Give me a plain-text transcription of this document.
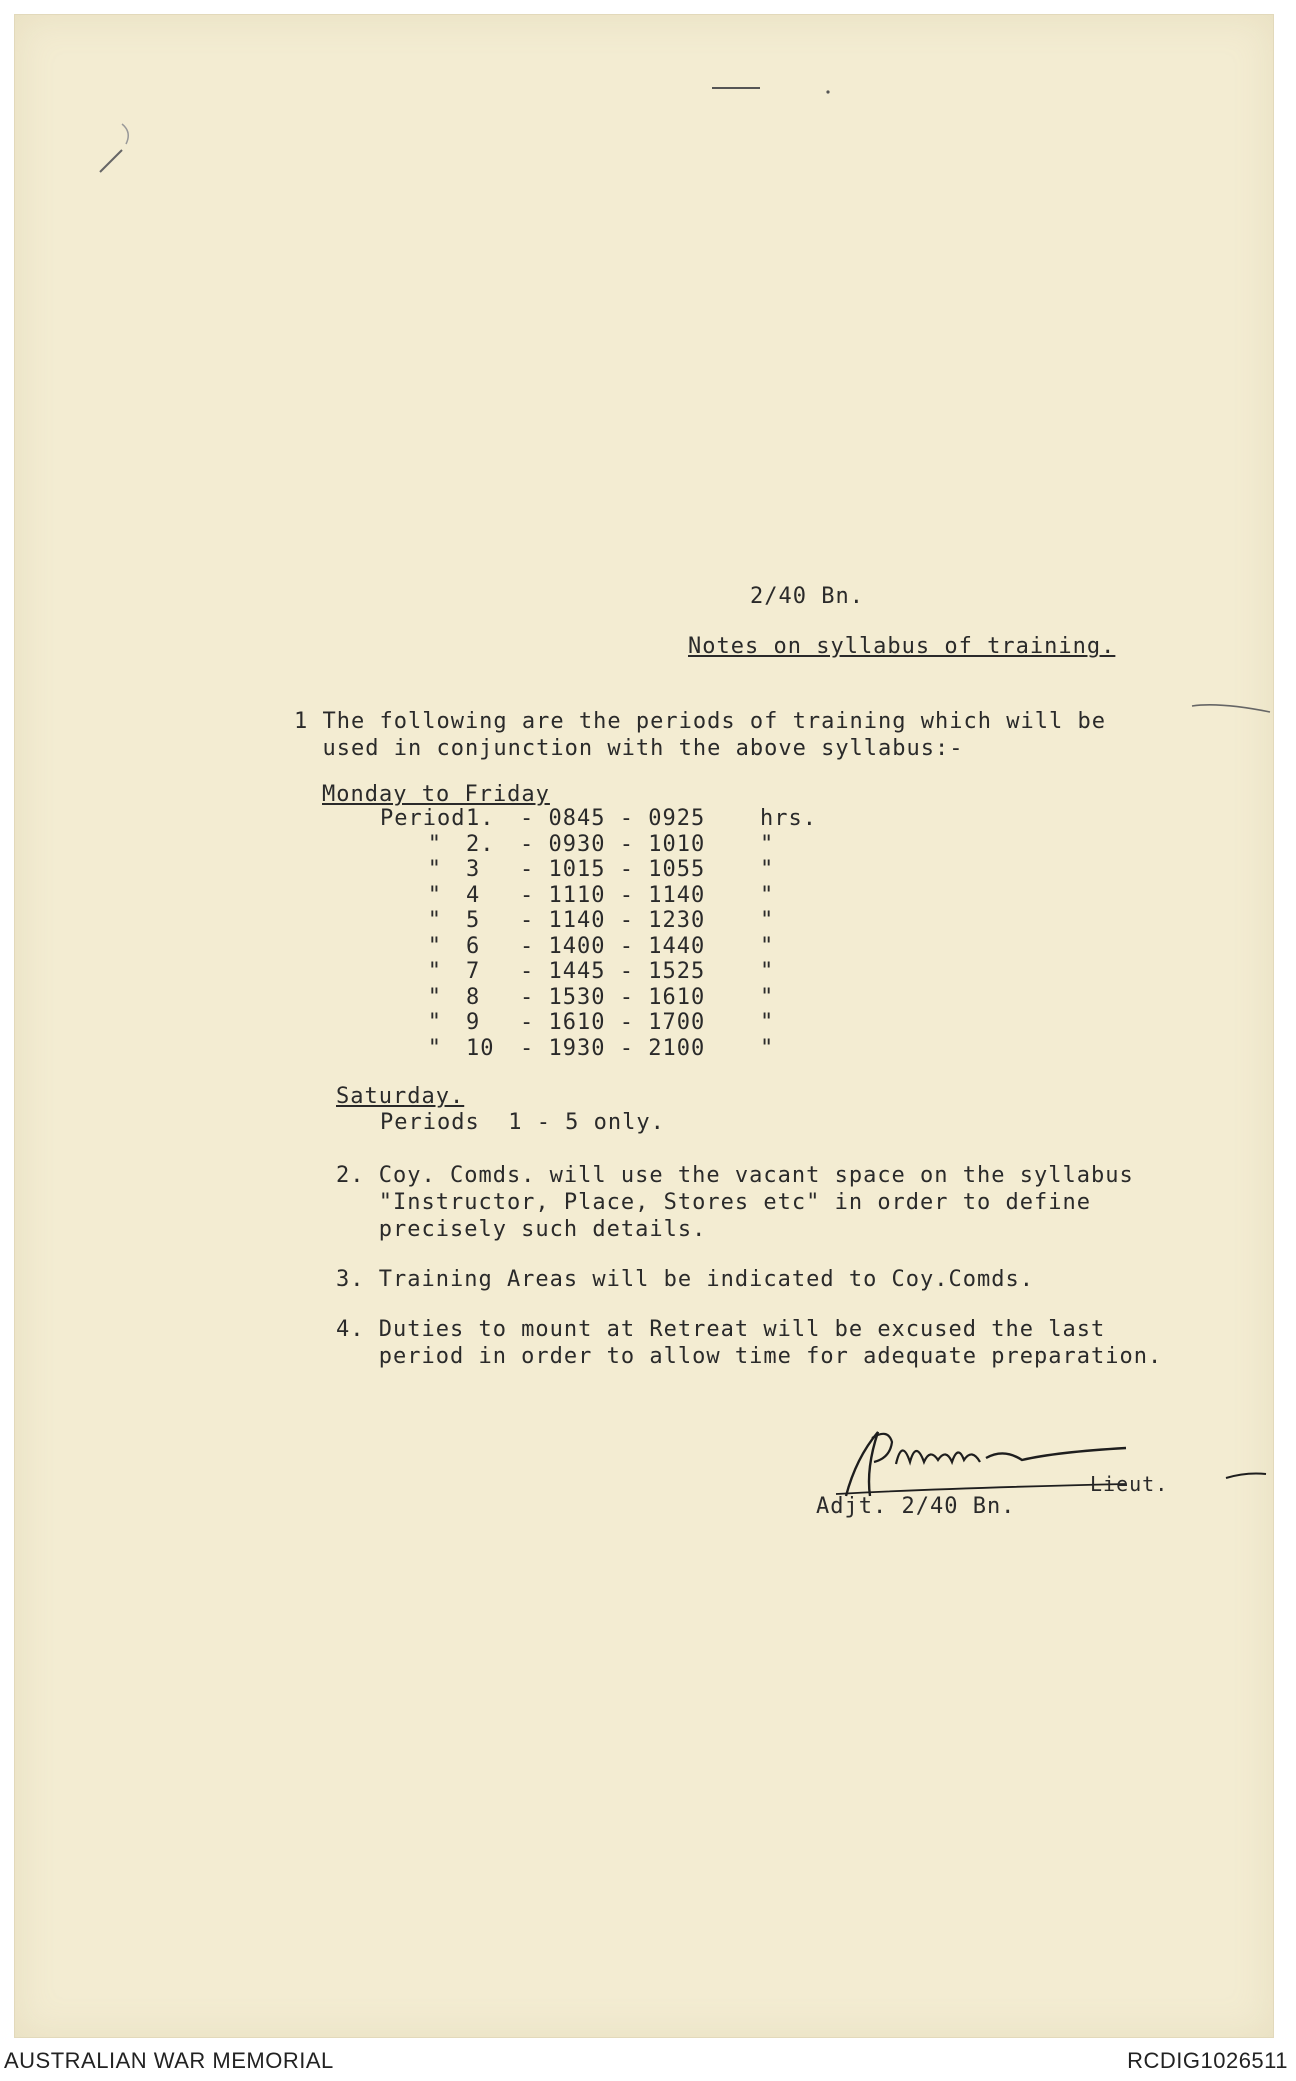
2/40 Bn.
Notes on syllabus of training.
1 The following are the periods of training which will be
used in conjunction with the above syllabus:-
Monday to Friday
Period 1.	- 0845 - 0925	hrs.
"	2.	- 0930 - 1010	"
"	3	- 1015 - 1055	"
"	4	- 1110 - 1140	"
"	5	- 1140 - 1230	"
"	6	- 1400 - 1440	"
"	7	- 1445 - 1525	"
"	8	- 1530 - 1610	"
"	9	- 1610 - 1700	"
"	10	- 1930 - 2100	"
Saturday.
Periods  1 - 5 only.
2. Coy. Comds. will use the vacant space on the syllabus
"Instructor, Place, Stores etc" in order to define
precisely such details.
3. Training Areas will be indicated to Coy.Comds.
4. Duties to mount at Retreat will be excused the last
period in order to allow time for adequate preparation.
Lieut.
Adjt. 2/40 Bn.
AUSTRALIAN WAR MEMORIAL	RCDIG1026511
